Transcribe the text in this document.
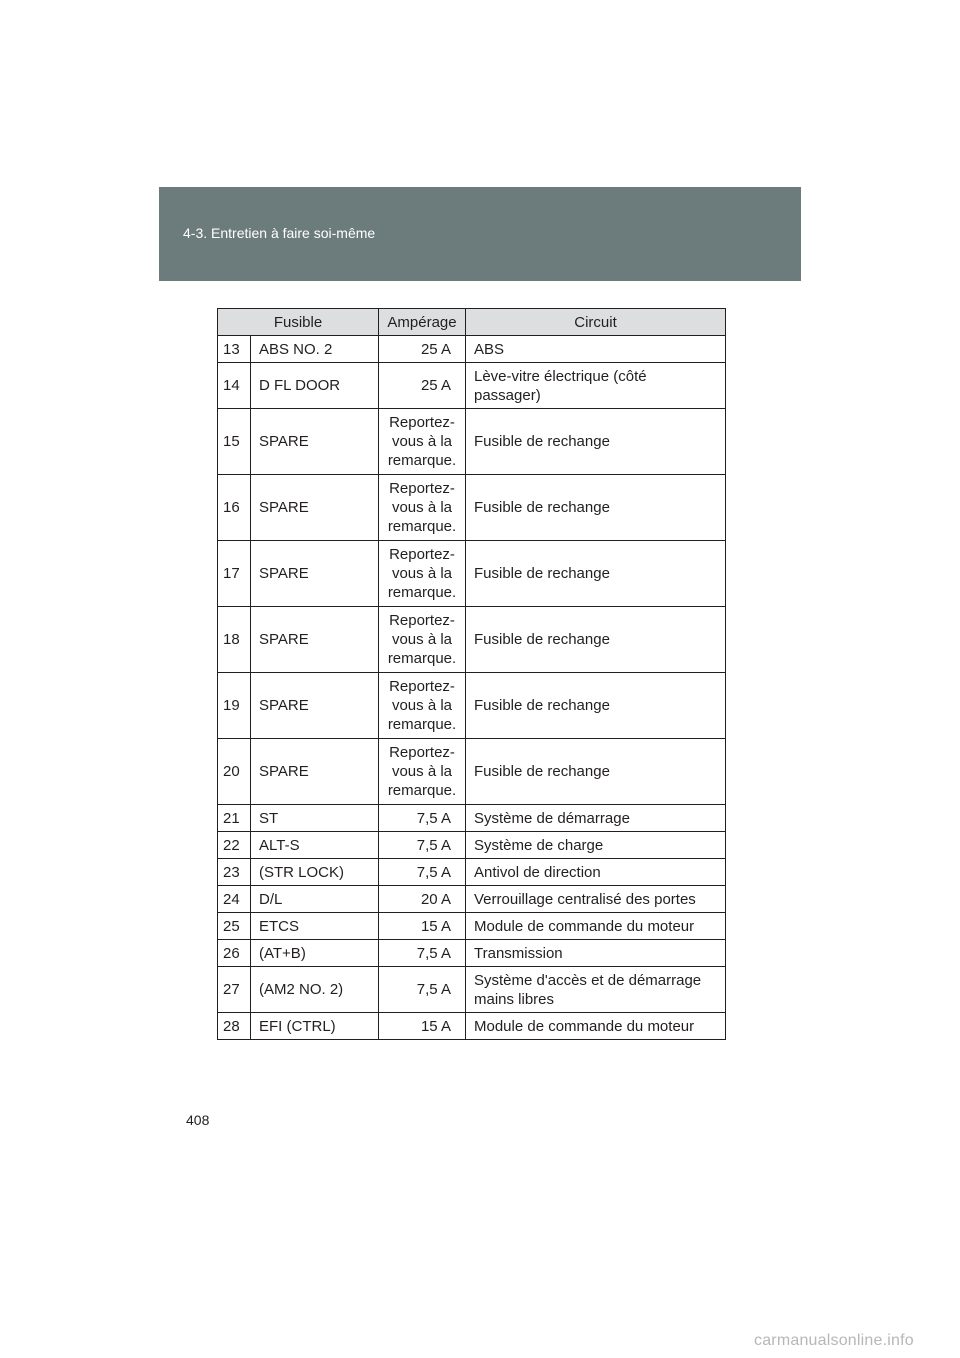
4-3. Entretien à faire soi-même
Fusible		Ampérage	Circuit
13	ABS NO. 2	25 A	ABS
14	D FL DOOR	25 A	Lève-vitre électrique (côté passager)
15	SPARE	Reportez-vous à la remarque.	Fusible de rechange
16	SPARE	Reportez-vous à la remarque.	Fusible de rechange
17	SPARE	Reportez-vous à la remarque.	Fusible de rechange
18	SPARE	Reportez-vous à la remarque.	Fusible de rechange
19	SPARE	Reportez-vous à la remarque.	Fusible de rechange
20	SPARE	Reportez-vous à la remarque.	Fusible de rechange
21	ST	7,5 A	Système de démarrage
22	ALT-S	7,5 A	Système de charge
23	(STR LOCK)	7,5 A	Antivol de direction
24	D/L	20 A	Verrouillage centralisé des portes
25	ETCS	15 A	Module de commande du moteur
26	(AT+B)	7,5 A	Transmission
27	(AM2 NO. 2)	7,5 A	Système d'accès et de démarrage mains libres
28	EFI (CTRL)	15 A	Module de commande du moteur
408
carmanualsonline.info
